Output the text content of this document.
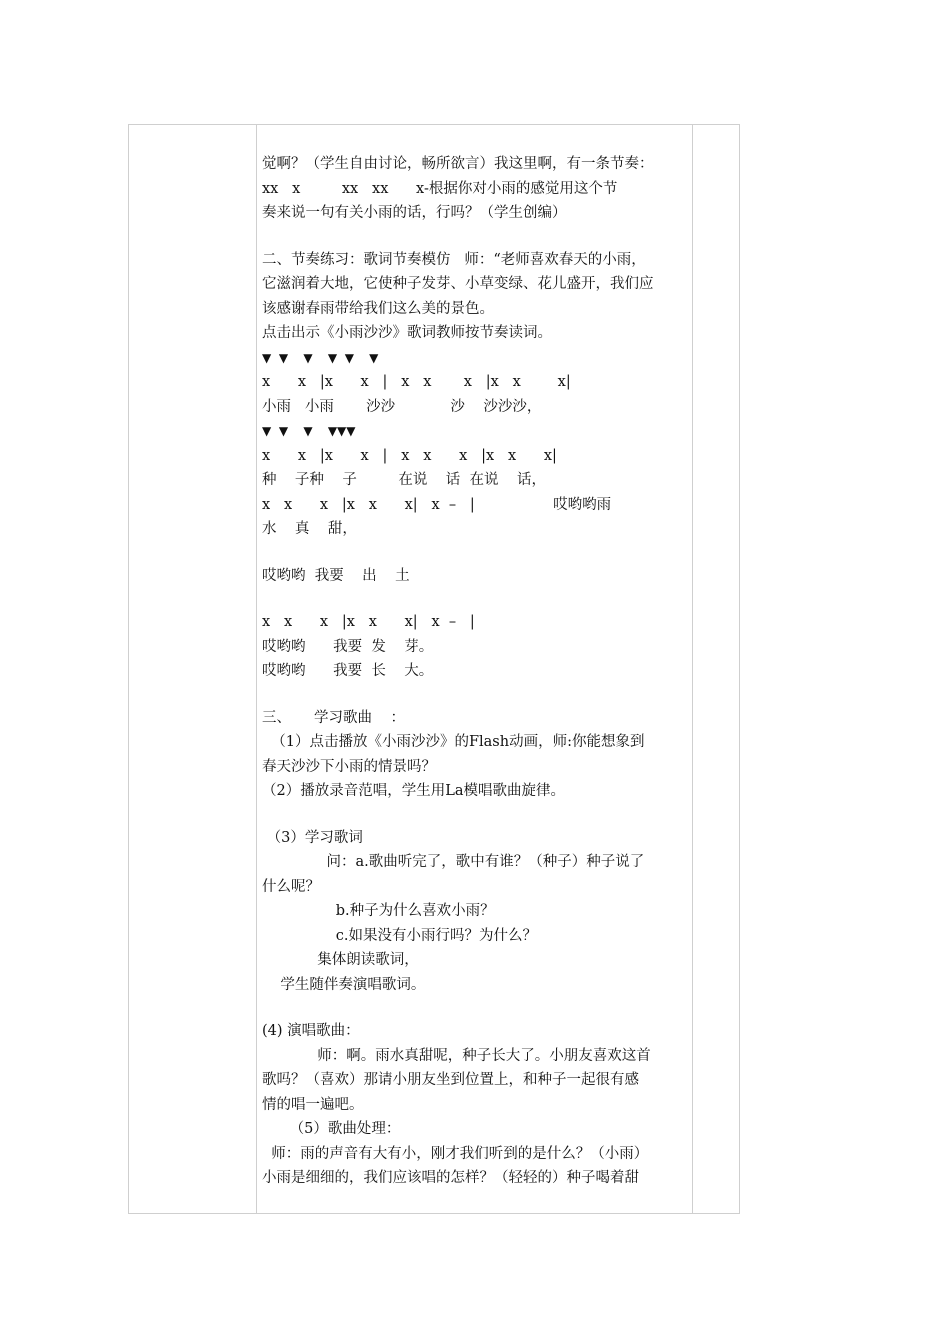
觉啊？（学生自由讨论，畅所欲言）我这里啊，有一条节奏：
xx   x         xx   xx      x-根据你对小雨的感觉用这个节
奏来说一句有关小雨的话，行吗？（学生创编）
二、节奏练习：歌词节奏模仿   师：“老师喜欢春天的小雨，
它滋润着大地，它使种子发芽、小草变绿、花儿盛开，我们应
该感谢春雨带给我们这么美的景色。
点击出示《小雨沙沙》歌词教师按节奏读词。
▼  ▼    ▼    ▼  ▼    ▼
x      x   |x      x   |   x   x       x   |x   x        x|
小雨   小雨       沙沙            沙    沙沙沙，
▼  ▼    ▼    ▼▼▼
x      x   |x      x   |   x   x      x   |x   x      x|
种    子种    子         在说    话  在说    话，
x   x      x   |x   x      x|   x  –   |                 哎哟哟雨
水    真    甜，
哎哟哟  我要    出    土
x   x      x   |x   x      x|   x  –   |
哎哟哟      我要  发    芽。
哎哟哟      我要  长    大。
三、     学习歌曲    ：
（1）点击播放《小雨沙沙》的Flash动画，师:你能想象到
春天沙沙下小雨的情景吗？
（2）播放录音范唱，学生用La模唱歌曲旋律。
（3）学习歌词
问：a.歌曲听完了，歌中有谁？（种子）种子说了
什么呢？
b.种子为什么喜欢小雨？
c.如果没有小雨行吗？为什么？
集体朗读歌词，
学生随伴奏演唱歌词。
(4) 演唱歌曲：
师：啊。雨水真甜呢，种子长大了。小朋友喜欢这首
歌吗？（喜欢）那请小朋友坐到位置上，和种子一起很有感
情的唱一遍吧。
（5）歌曲处理：
师：雨的声音有大有小，刚才我们听到的是什么？（小雨）
小雨是细细的，我们应该唱的怎样？（轻轻的）种子喝着甜
